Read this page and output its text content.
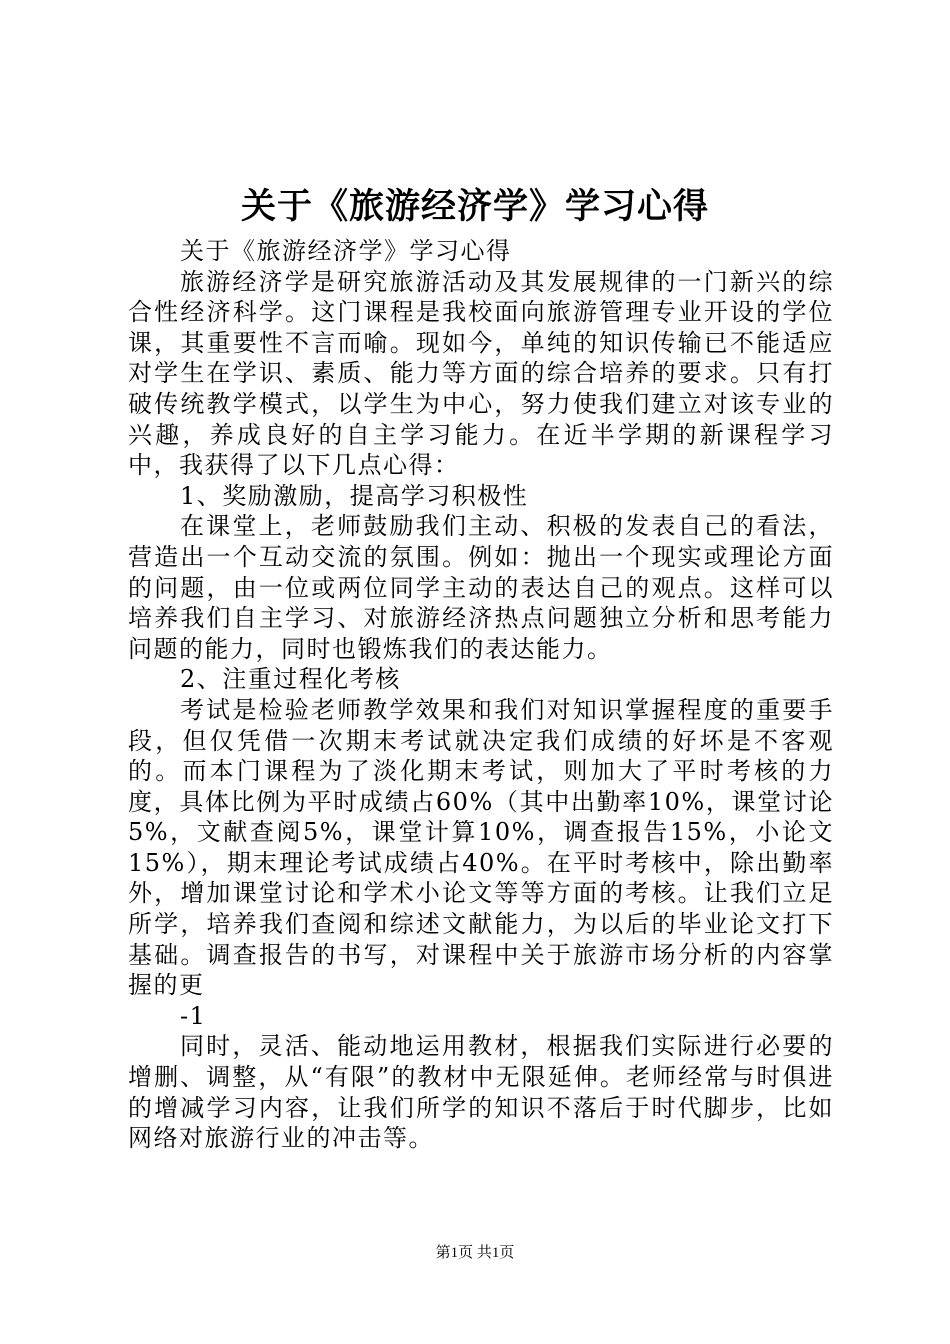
关于《旅游经济学》学习心得

关于《旅游经济学》学习心得

旅游经济学是研究旅游活动及其发展规律的一门新兴的综合性经济科学。这门课程是我校面向旅游管理专业开设的学位课，其重要性不言而喻。现如今，单纯的知识传输已不能适应对学生在学识、素质、能力等方面的综合培养的要求。只有打破传统教学模式，以学生为中心，努力使我们建立对该专业的兴趣，养成良好的自主学习能力。在近半学期的新课程学习中，我获得了以下几点心得：

1、奖励激励，提高学习积极性

在课堂上，老师鼓励我们主动、积极的发表自己的看法，营造出一个互动交流的氛围。例如：抛出一个现实或理论方面的问题，由一位或两位同学主动的表达自己的观点。这样可以培养我们自主学习、对旅游经济热点问题独立分析和思考能力问题的能力，同时也锻炼我们的表达能力。

2、注重过程化考核

考试是检验老师教学效果和我们对知识掌握程度的重要手段，但仅凭借一次期末考试就决定我们成绩的好坏是不客观的。而本门课程为了淡化期末考试，则加大了平时考核的力度，具体比例为平时成绩占60%（其中出勤率10%，课堂讨论5%，文献查阅5%，课堂计算10%，调查报告15%，小论文15%），期末理论考试成绩占40%。在平时考核中，除出勤率外，增加课堂讨论和学术小论文等等方面的考核。让我们立足所学，培养我们查阅和综述文献能力，为以后的毕业论文打下基础。调查报告的书写，对课程中关于旅游市场分析的内容掌握的更

-1

同时，灵活、能动地运用教材，根据我们实际进行必要的增删、调整，从“有限”的教材中无限延伸。老师经常与时俱进的增减学习内容，让我们所学的知识不落后于时代脚步，比如网络对旅游行业的冲击等。

第1页 共1页
